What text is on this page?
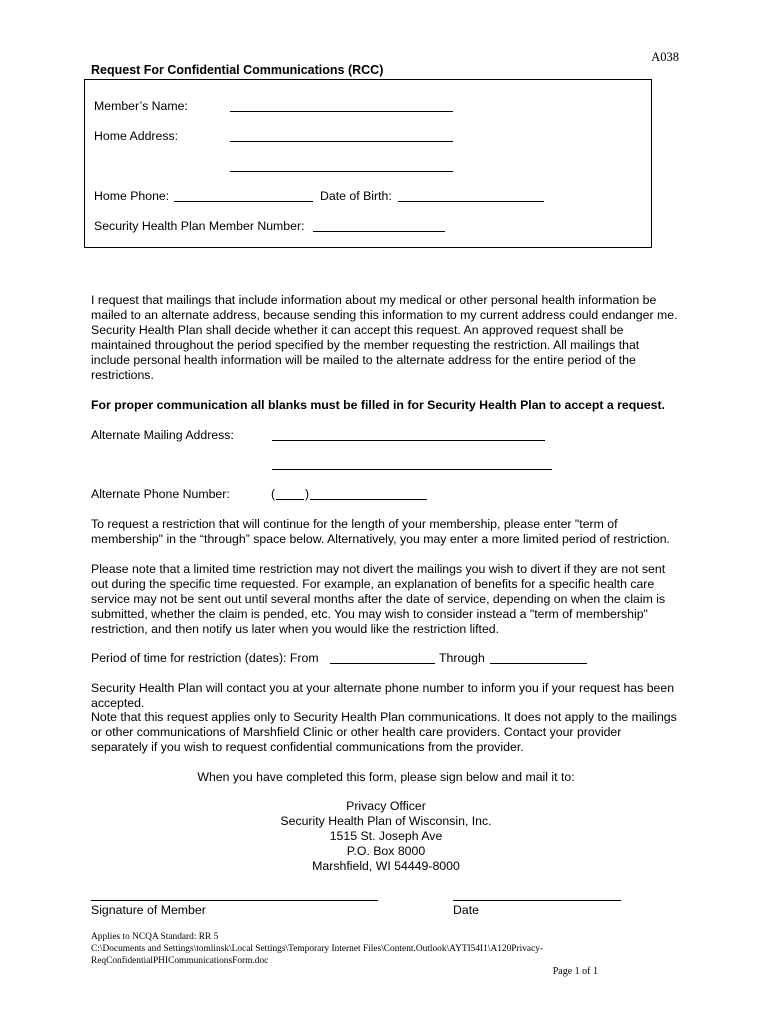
A038
Request For Confidential Communications (RCC)
Member’s Name:
Home Address:
Home Phone:	Date of Birth:
Security Health Plan Member Number:
I request that mailings that include information about my medical or other personal health information be mailed to an alternate address, because sending this information to my current address could endanger me. Security Health Plan shall decide whether it can accept this request. An approved request shall be maintained throughout the period specified by the member requesting the restriction. All mailings that include personal health information will be mailed to the alternate address for the entire period of the restrictions.
For proper communication all blanks must be filled in for Security Health Plan to accept a request.
Alternate Mailing Address:
Alternate Phone Number:	( )
To request a restriction that will continue for the length of your membership, please enter "term of membership" in the “through” space below. Alternatively, you may enter a more limited period of restriction.
Please note that a limited time restriction may not divert the mailings you wish to divert if they are not sent out during the specific time requested. For example, an explanation of benefits for a specific health care service may not be sent out until several months after the date of service, depending on when the claim is submitted, whether the claim is pended, etc. You may wish to consider instead a "term of membership" restriction, and then notify us later when you would like the restriction lifted.
Period of time for restriction (dates): From	Through
Security Health Plan will contact you at your alternate phone number to inform you if your request has been accepted.
Note that this request applies only to Security Health Plan communications. It does not apply to the mailings or other communications of Marshfield Clinic or other health care providers. Contact your provider separately if you wish to request confidential communications from the provider.
When you have completed this form, please sign below and mail it to:
Privacy Officer
Security Health Plan of Wisconsin, Inc.
1515 St. Joseph Ave
P.O. Box 8000
Marshfield, WI 54449-8000
Signature of Member	Date
Applies to NCQA Standard: RR 5
C:\Documents and Settings\tomlinsk\Local Settings\Temporary Internet Files\Content.Outlook\AYTI54I1\A120Privacy-
ReqConfidentialPHICommunicationsForm.doc
Page 1 of 1
